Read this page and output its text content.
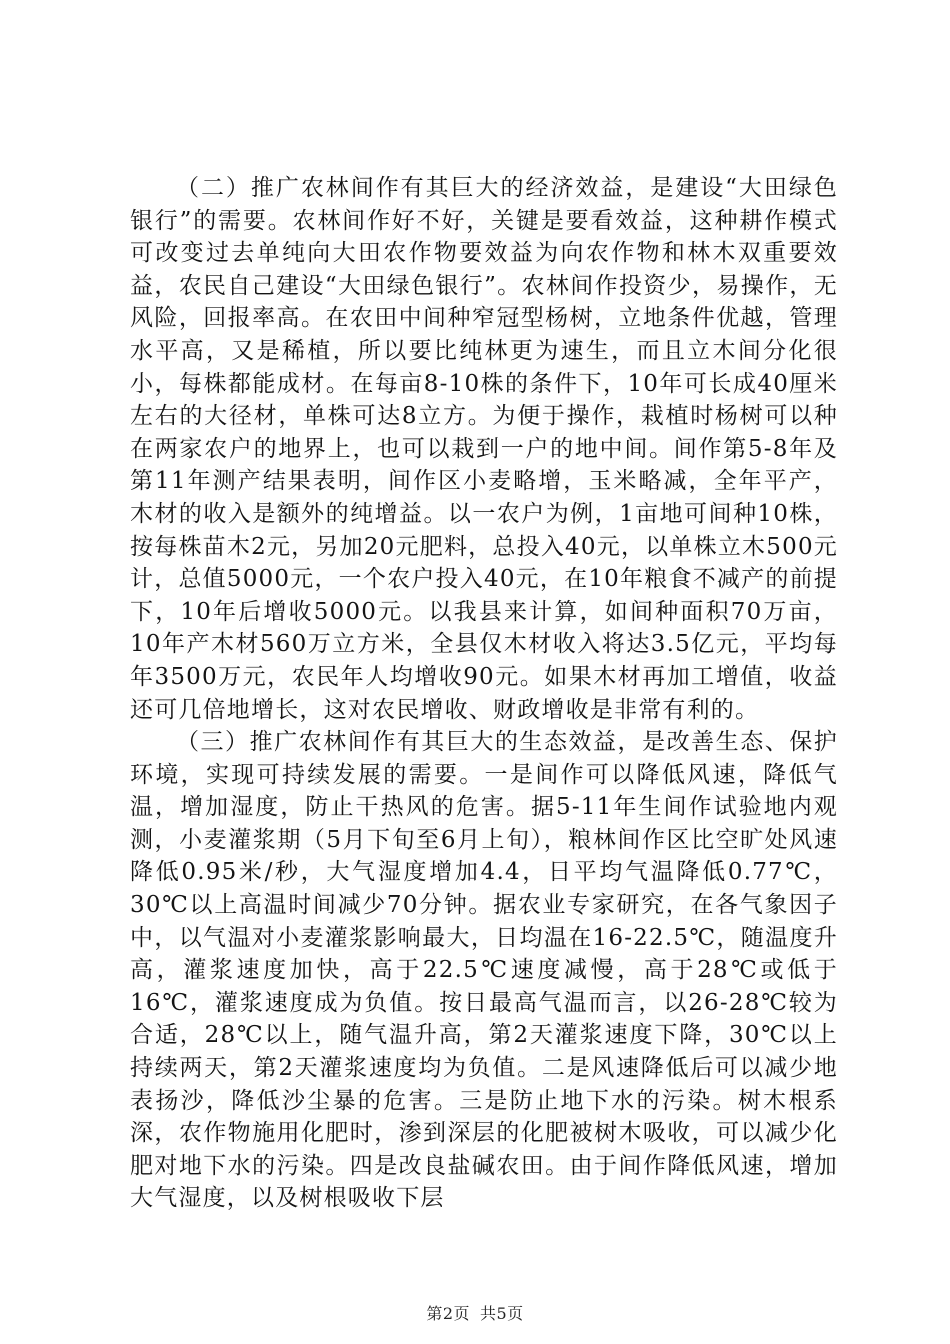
（二）推广农林间作有其巨大的经济效益，是建设“大田绿色银行”的需要。农林间作好不好，关键是要看效益，这种耕作模式可改变过去单纯向大田农作物要效益为向农作物和林木双重要效益，农民自己建设“大田绿色银行”。农林间作投资少，易操作，无风险，回报率高。在农田中间种窄冠型杨树，立地条件优越，管理水平高，又是稀植，所以要比纯林更为速生，而且立木间分化很小，每株都能成材。在每亩8-10株的条件下，10年可长成40厘米左右的大径材，单株可达8立方。为便于操作，栽植时杨树可以种在两家农户的地界上，也可以栽到一户的地中间。间作第5-8年及第11年测产结果表明，间作区小麦略增，玉米略减，全年平产，木材的收入是额外的纯增益。以一农户为例，1亩地可间种10株，按每株苗木2元，另加20元肥料，总投入40元，以单株立木500元计，总值5000元，一个农户投入40元，在10年粮食不减产的前提下，10年后增收5000元。以我县来计算，如间种面积70万亩，10年产木材560万立方米，全县仅木材收入将达3.5亿元，平均每年3500万元，农民年人均增收90元。如果木材再加工增值，收益还可几倍地增长，这对农民增收、财政增收是非常有利的。

（三）推广农林间作有其巨大的生态效益，是改善生态、保护环境，实现可持续发展的需要。一是间作可以降低风速，降低气温，增加湿度，防止干热风的危害。据5-11年生间作试验地内观测，小麦灌浆期（5月下旬至6月上旬），粮林间作区比空旷处风速降低0.95米/秒，大气湿度增加4.4，日平均气温降低0.77℃，30℃以上高温时间减少70分钟。据农业专家研究，在各气象因子中，以气温对小麦灌浆影响最大，日均温在16-22.5℃，随温度升高，灌浆速度加快，高于22.5℃速度减慢，高于28℃或低于16℃，灌浆速度成为负值。按日最高气温而言，以26-28℃较为合适，28℃以上，随气温升高，第2天灌浆速度下降，30℃以上持续两天，第2天灌浆速度均为负值。二是风速降低后可以减少地表扬沙，降低沙尘暴的危害。三是防止地下水的污染。树木根系深，农作物施用化肥时，渗到深层的化肥被树木吸收，可以减少化肥对地下水的污染。四是改良盐碱农田。由于间作降低风速，增加大气湿度，以及树根吸收下层

第2页 共5页
